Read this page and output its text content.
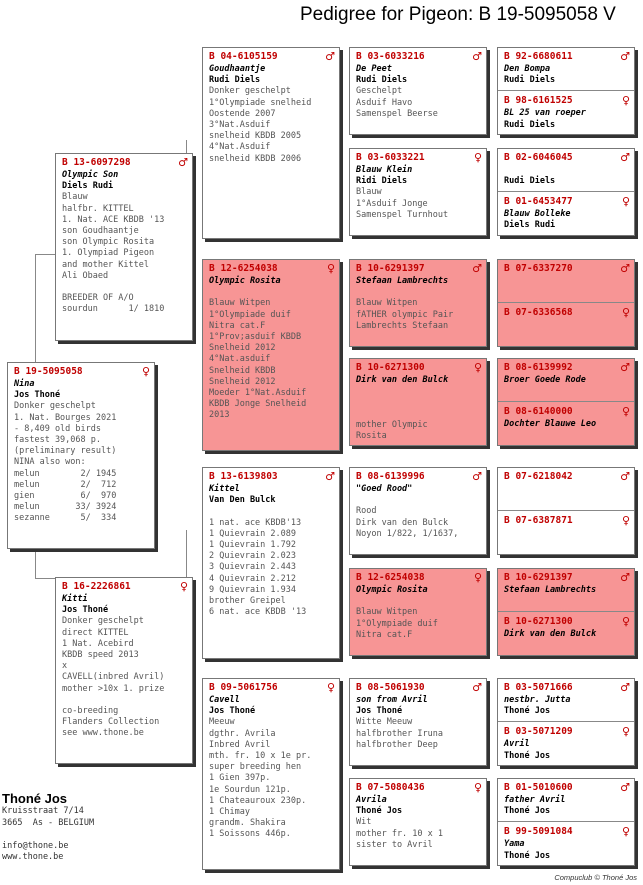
Pedigree for Pigeon: B 19-5095058 V
B 19-5095058	♀
Nina
Jos Thoné
Donker geschelpt
1. Nat. Bourges 2021
- 8,409 old birds
fastest 39,068 p.
(preliminary result)
NINA also won:
melun        2/ 1945
melun        2/  712
gien         6/  970
melun       33/ 3924
sezanne      5/  334
B 13-6097298	♂
Olympic Son
Diels Rudi
Blauw
halfbr. KITTEL
1. Nat. ACE KBDB '13
son Goudhaantje
son Olympic Rosita
1. Olympiad Pigeon
and mother Kittel
Ali Obaed

BREEDER OF A/O
sourdun      1/ 1810
B 16-2226861	♀
Kitti
Jos Thoné
Donker geschelpt
direct KITTEL
1 Nat. Acebird
KBDB speed 2013
x
CAVELL(inbred Avril)
mother >10x 1. prize

co-breeding
Flanders Collection
see www.thone.be
B 04-6105159	♂
Goudhaantje
Rudi Diels
Donker geschelpt
1°Olympiade snelheid
Oostende 2007
3°Nat.Asduif
snelheid KBDB 2005
4°Nat.Asduif
snelheid KBDB 2006
B 12-6254038	♀
Olympic Rosita

Blauw Witpen
1°Olympiade duif
Nitra cat.F
1°Prov;asduif KBDB
Snelheid 2012
4°Nat.asduif
Snelheid KBDB
Snelheid 2012
Moeder 1°Nat.Asduif
KBDB Jonge Snelheid
2013
B 13-6139803	♂
Kittel
Van Den Bulck

1 nat. ace KBDB'13
1 Quievrain 2.089
1 Quievrain 1.792
2 Quievrain 2.023
3 Quievrain 2.443
4 Quievrain 2.212
9 Quievrain 1.934
brother Greipel
6 nat. ace KBDB '13
B 09-5061756	♀
Cavell
Jos Thoné
Meeuw
dgthr. Avrila
Inbred Avril
mth. fr. 10 x 1e pr.
super breeding hen
1 Gien 397p.
1e Sourdun 121p.
1 Chateauroux 230p.
1 Chimay
grandm. Shakira
1 Soissons 446p.
B 03-6033216	♂
De Peet
Rudi Diels
Geschelpt
Asduif Havo
Samenspel Beerse
B 03-6033221	♀
Blauw Klein
Ridi Diels
Blauw
1°Asduif Jonge
Samenspel Turnhout
B 10-6291397	♂
Stefaan Lambrechts

Blauw Witpen
fATHER olympic Pair
Lambrechts Stefaan
B 10-6271300	♀
Dirk van den Bulck

mother Olympic
Rosita
B 08-6139996	♂
"Goed Rood"

Rood
Dirk van den Bulck
Noyon 1/822, 1/1637,
B 12-6254038	♀
Olympic Rosita

Blauw Witpen
1°Olympiade duif
Nitra cat.F
B 08-5061930	♂
son from Avril
Jos Thoné
Witte Meeuw
halfbrother Iruna
halfbrother Deep
B 07-5080436	♀
Avrila
Thoné Jos
Wit
mother fr. 10 x 1
sister to Avril
B 92-6680611	♂
Den Bompa
Rudi Diels
B 98-6161525	♀
BL 25 van roeper
Rudi Diels
B 02-6046045	♂
Rudi Diels
B 01-6453477	♀
Blauw Bolleke
Diels Rudi
B 07-6337270	♂
B 07-6336568	♀
B 08-6139992	♂
Broer Goede Rode
B 08-6140000	♀
Dochter Blauwe Leo
B 07-6218042	♂
B 07-6387871	♀
B 10-6291397	♂
Stefaan Lambrechts
B 10-6271300	♀
Dirk van den Bulck
B 03-5071666	♂
nestbr. Jutta
Thoné Jos
B 03-5071209	♀
Avril
Thoné Jos
B 01-5010600	♂
father Avril
Thoné Jos
B 99-5091084	♀
Yama
Thoné Jos
Thoné Jos
Kruisstraat 7/14
3665  As - BELGIUM

info@thone.be
www.thone.be
Compuclub © Thoné Jos
